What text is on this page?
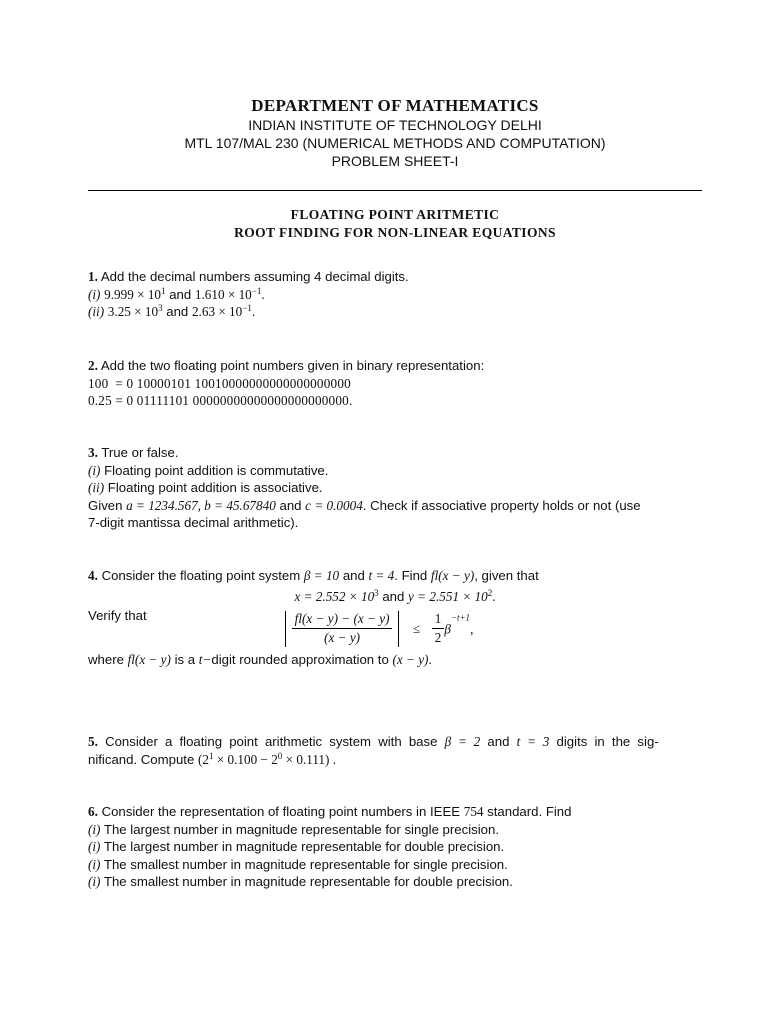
DEPARTMENT OF MATHEMATICS
INDIAN INSTITUTE OF TECHNOLOGY DELHI
MTL 107/MAL 230 (NUMERICAL METHODS AND COMPUTATION)
PROBLEM SHEET-I
FLOATING POINT ARITMETIC
ROOT FINDING FOR NON-LINEAR EQUATIONS
1. Add the decimal numbers assuming 4 decimal digits.
(i) $9.999 \times 10^1$ and $1.610 \times 10^{-1}$.
(ii) $3.25 \times 10^3$ and $2.63 \times 10^{-1}$.
2. Add the two floating point numbers given in binary representation:
100  = 0 10000101 10010000000000000000000
0.25 = 0 01111101 00000000000000000000000.
3. True or false.
(i) Floating point addition is commutative.
(ii) Floating point addition is associative.
Given a = 1234.567, b = 45.67840 and c = 0.0004. Check if associative property holds or not (use
7-digit mantissa decimal arithmetic).
4. Consider the floating point system β = 10 and t = 4. Find fl(x − y), given that
$x = 2.552 \times 10^3$ and $y = 2.551 \times 10^2$.
Verify that
	$\frac{fl(x - y) - (x - y)}{(x - y)} \le \frac{1}{2} \beta^{-t+1}$,
where fl(x − y) is a t−digit rounded approximation to (x − y).
5. Consider a floating point arithmetic system with base β = 2 and t = 3 digits in the sig-
nificand. Compute $(2^1 \times 0.100 - 2^0 \times 0.111)$ .
6. Consider the representation of floating point numbers in IEEE 754 standard. Find
(i) The largest number in magnitude representable for single precision.
(i) The largest number in magnitude representable for double precision.
(i) The smallest number in magnitude representable for single precision.
(i) The smallest number in magnitude representable for double precision.
